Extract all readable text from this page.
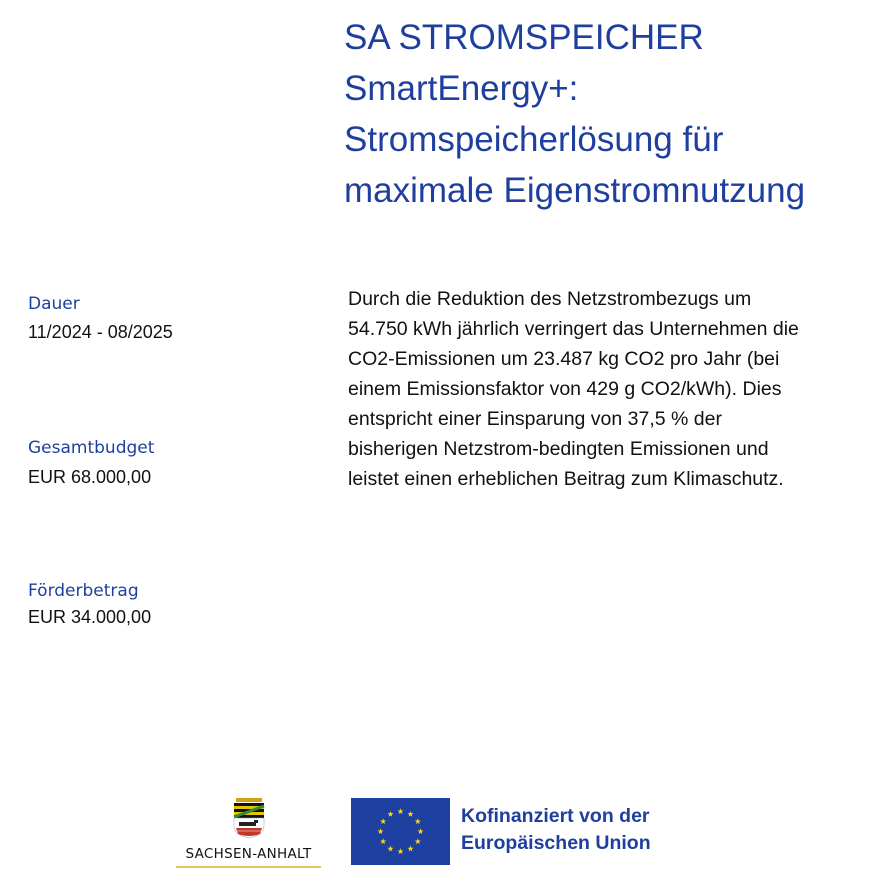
SA STROMSPEICHER
SmartEnergy+:
Stromspeicherlösung für
maximale Eigenstromnutzung
Dauer
11/2024 - 08/2025
Gesamtbudget
EUR 68.000,00
Förderbetrag
EUR 34.000,00
Durch die Reduktion des Netzstrombezugs um
54.750 kWh jährlich verringert das Unternehmen die
CO2-Emissionen um 23.487 kg CO2 pro Jahr (bei
einem Emissionsfaktor von 429 g CO2/kWh). Dies
entspricht einer Einsparung von 37,5 % der
bisherigen Netzstrom-bedingten Emissionen und
leistet einen erheblichen Beitrag zum Klimaschutz.
SACHSEN-ANHALT
Kofinanziert von der
Europäischen Union
